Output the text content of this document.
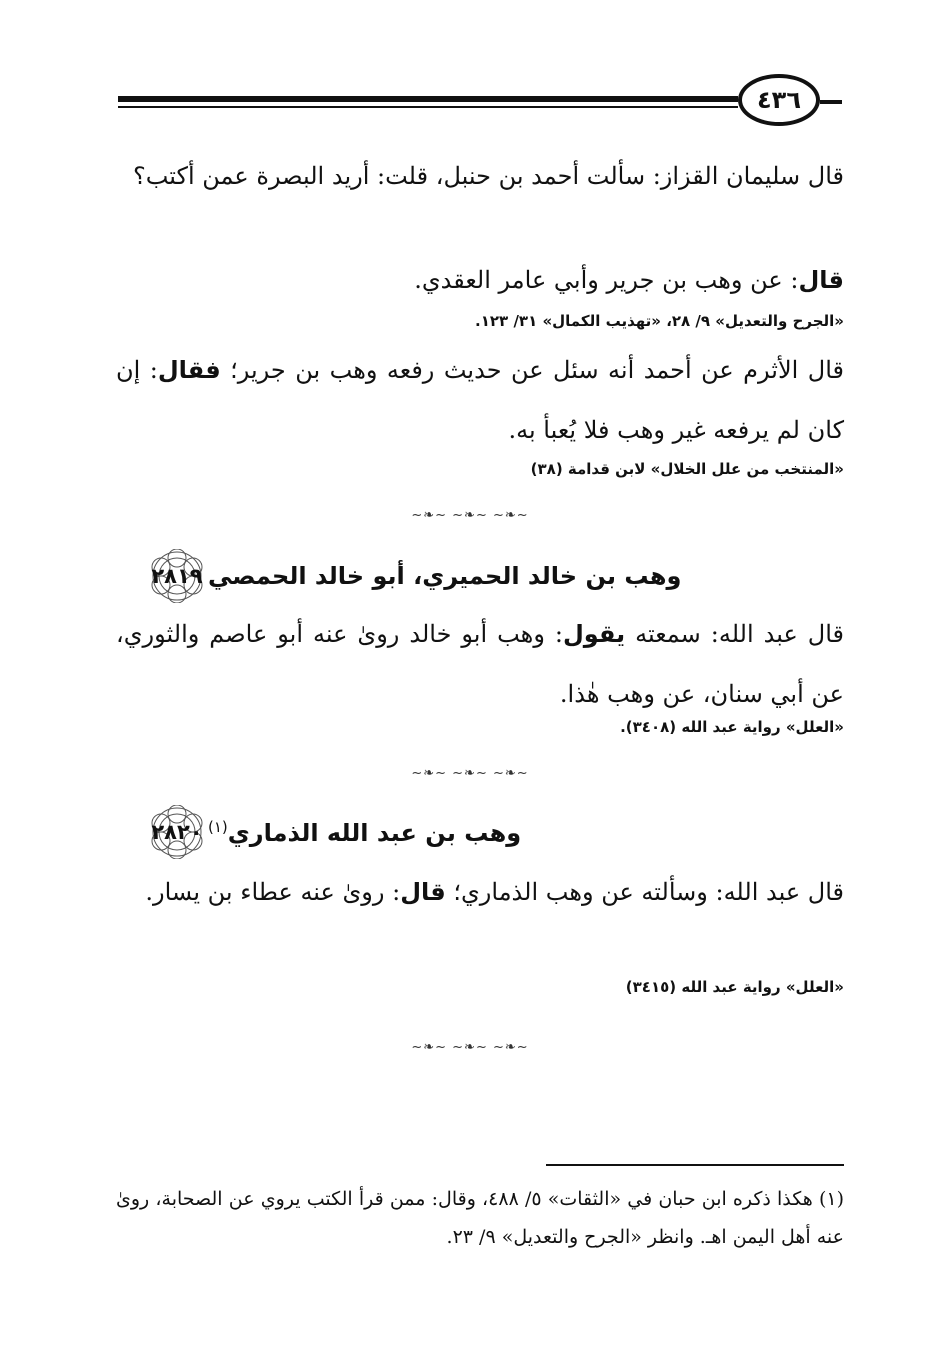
٤٣٦
قال سليمان القزاز: سألت أحمد بن حنبل، قلت: أريد البصرة عمن أكتب؟
قال: عن وهب بن جرير وأبي عامر العقدي.
«الجرح والتعديل» ٩/ ٢٨، «تهذيب الكمال» ٣١/ ١٢٣.
قال الأثرم عن أحمد أنه سئل عن حديث رفعه وهب بن جرير؛ فقال: إن كان لم يرفعه غير وهب فلا يُعبأ به.
«المنتخب من علل الخلال» لابن قدامة (٣٨)
~❧~ ~❧~ ~❧~
٢٨١٩ وهب بن خالد الحميري، أبو خالد الحمصي
قال عبد الله: سمعته يقول: وهب أبو خالد روىٰ عنه أبو عاصم والثوري، عن أبي سنان، عن وهب هٰذا.
«العلل» رواية عبد الله (٣٤٠٨).
~❧~ ~❧~ ~❧~
٢٨٢٠	وهب بن عبد الله الذماري$^{(١)}$
قال عبد الله: وسألته عن وهب الذماري؛ قال: روىٰ عنه عطاء بن يسار.
«العلل» رواية عبد الله (٣٤١٥)
~❧~ ~❧~ ~❧~
(١) هكذا ذكره ابن حبان في «الثقات» ٥/ ٤٨٨، وقال: ممن قرأ الكتب يروي عن الصحابة، روىٰ عنه أهل اليمن اهـ. وانظر «الجرح والتعديل» ٩/ ٢٣.
